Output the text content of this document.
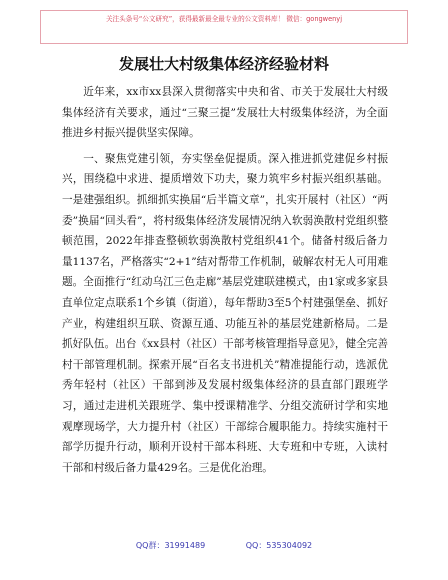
关注头条号“公文研究”，获得最新最全最专业的公文资料库！ 微信：gongwenyj
发展壮大村级集体经济经验材料

近年来，xx市xx县深入贯彻落实中央和省、市关于发展壮大村级集体经济有关要求，通过“三聚三提”发展壮大村级集体经济，为全面推进乡村振兴提供坚实保障。

一、聚焦党建引领，夯实堡垒促提质。深入推进抓党建促乡村振兴，围绕稳中求进、提质增效下功夫，聚力筑牢乡村振兴组织基础。一是建强组织。抓细抓实换届“后半篇文章”，扎实开展村（社区）“两委”换届“回头看”，将村级集体经济发展情况纳入软弱涣散村党组织整顿范围，2022年排查整顿软弱涣散村党组织41个。储备村级后备力量1137名，严格落实“2+1”结对帮带工作机制，破解农村无人可用难题。全面推行“红动乌江三色走廊”基层党建联建模式，由1家或多家县直单位定点联系1个乡镇（街道），每年帮助3至5个村建强堡垒、抓好产业，构建组织互联、资源互通、功能互补的基层党建新格局。二是抓好队伍。出台《xx县村（社区）干部考核管理指导意见》，健全完善村干部管理机制。探索开展“百名支书进机关”精准提能行动，选派优秀年轻村（社区）干部到涉及发展村级集体经济的县直部门跟班学习，通过走进机关跟班学、集中授课精准学、分组交流研讨学和实地观摩现场学，大力提升村（社区）干部综合履职能力。持续实施村干部学历提升行动，顺利开设村干部本科班、大专班和中专班，入读村干部和村级后备力量429名。三是优化治理。

QQ群：31991489	QQ：535304092
